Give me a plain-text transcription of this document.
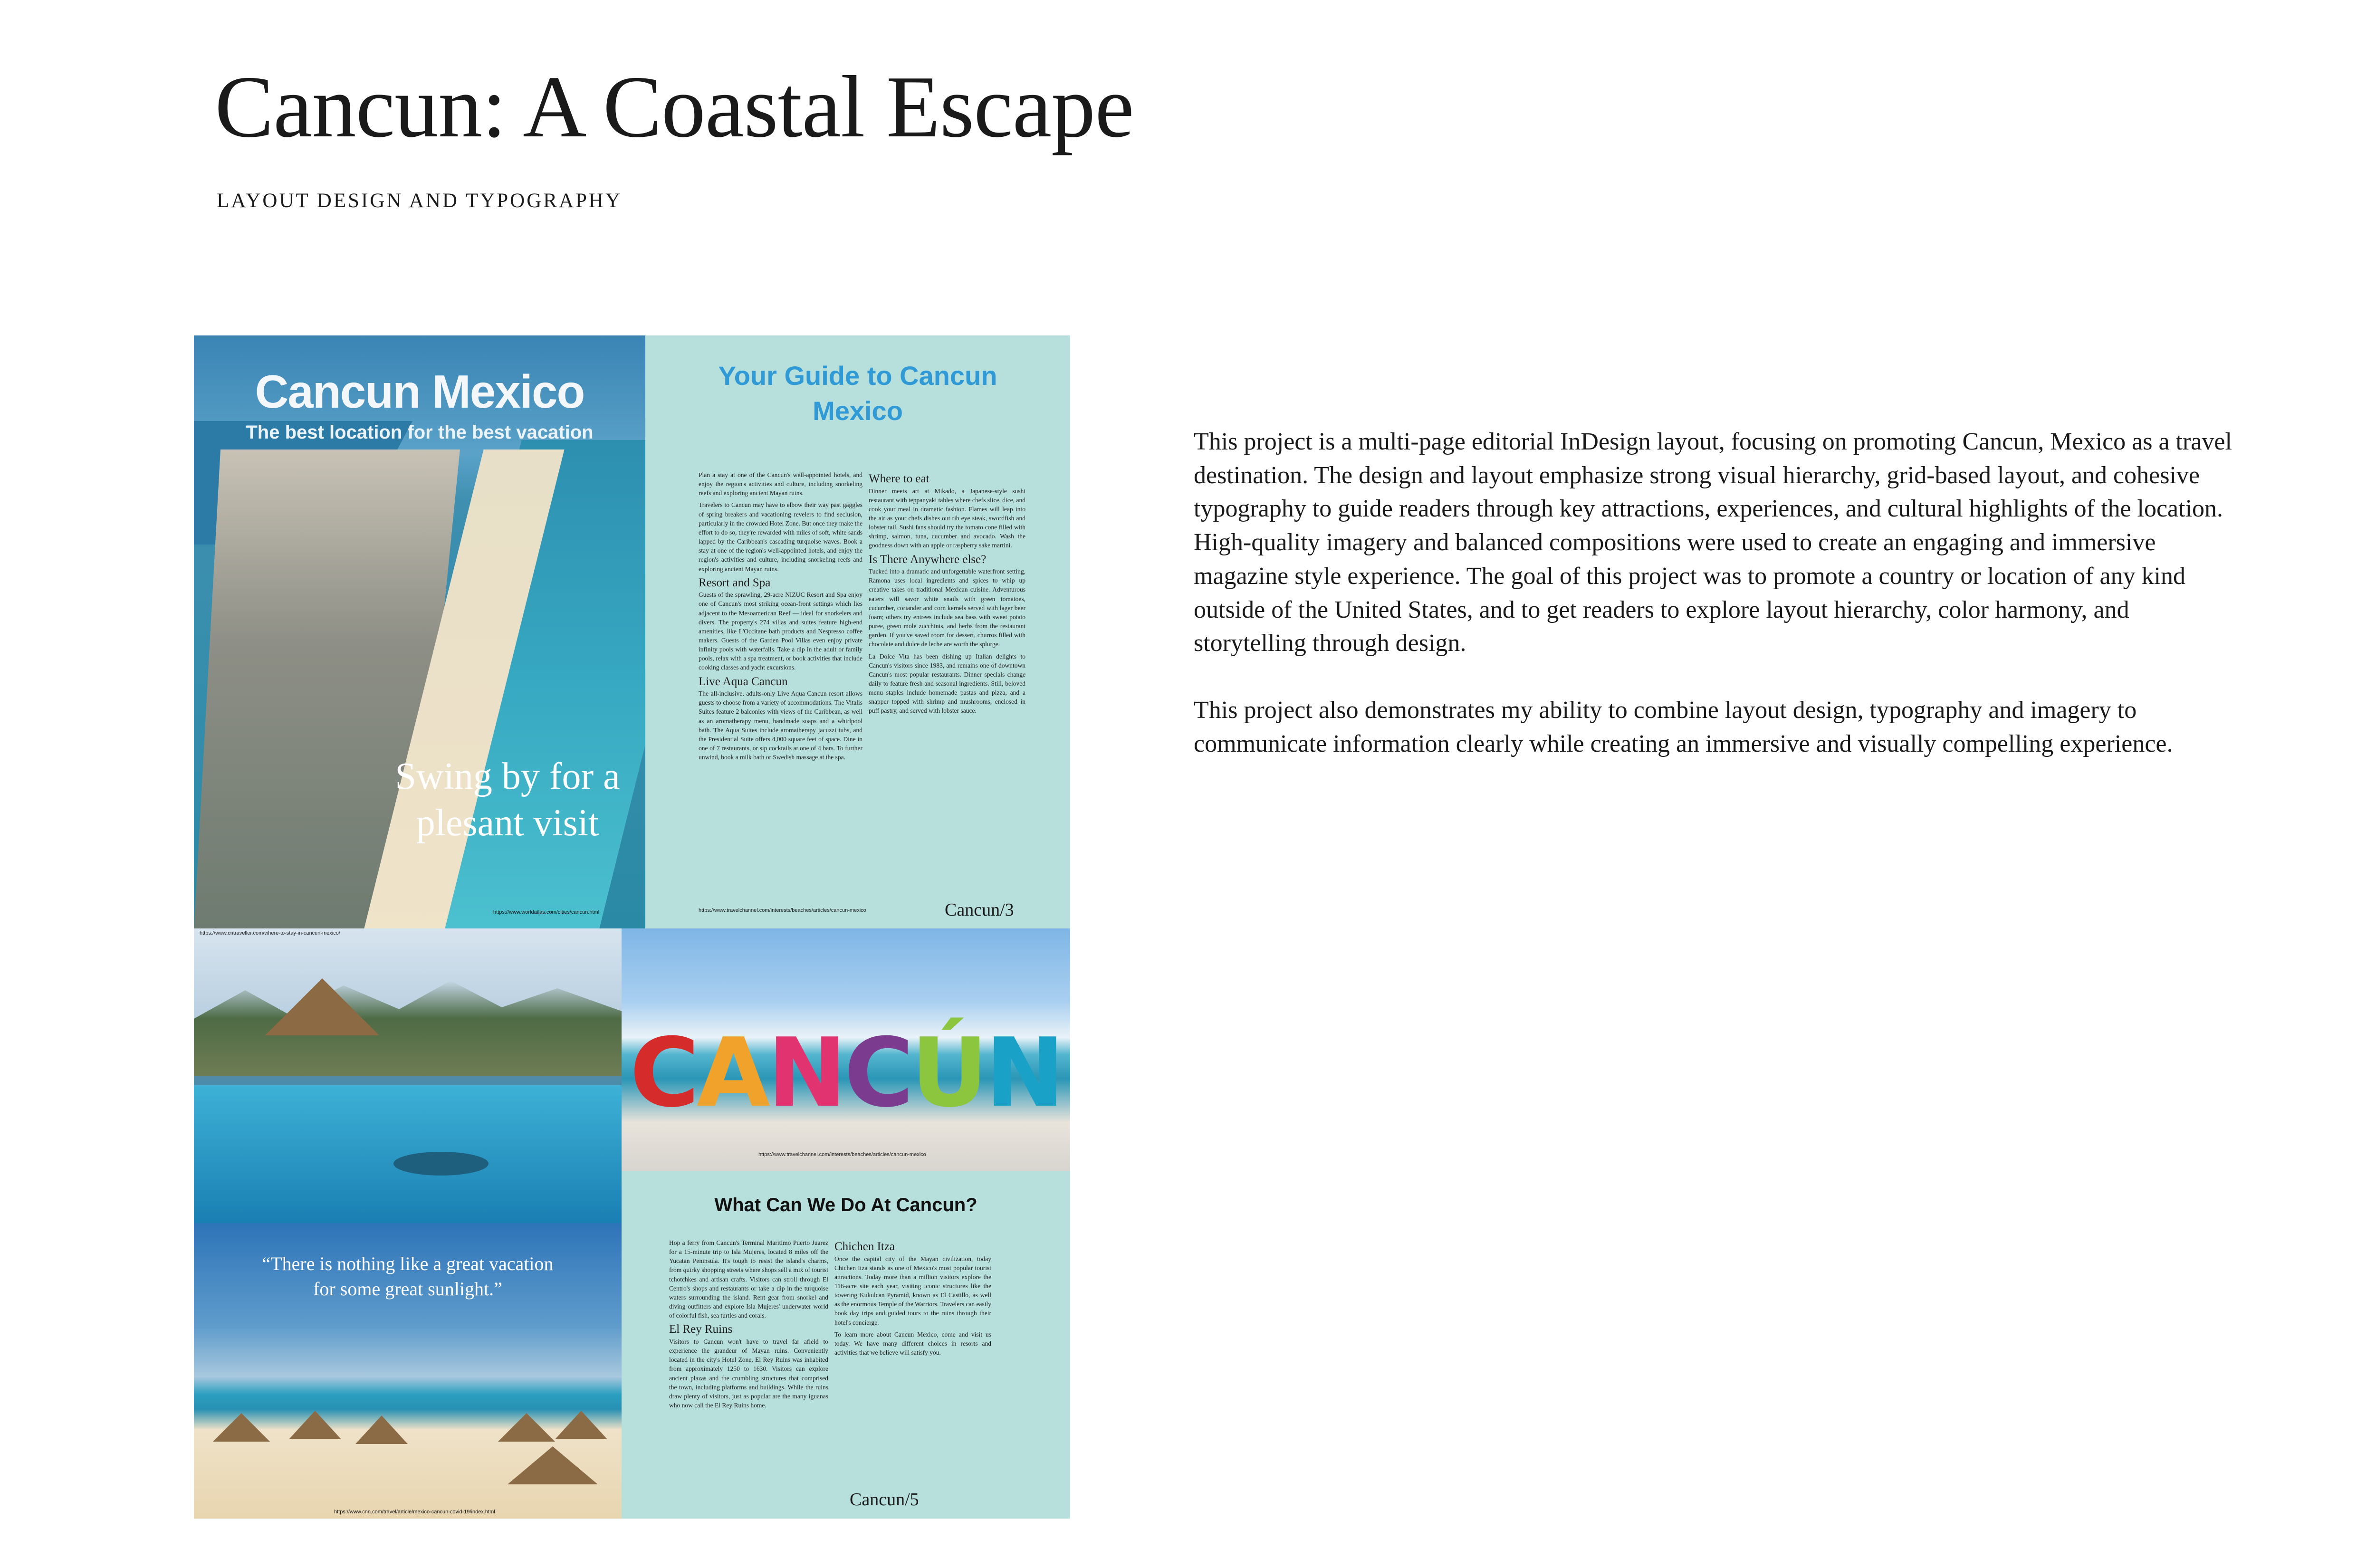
Cancun: A Coastal Escape
LAYOUT DESIGN AND TYPOGRAPHY
Cancun Mexico
The best location for the best vacation
Swing by for a
plesant visit
https://www.worldatlas.com/cities/cancun.html
Your Guide to Cancun
Mexico

Plan a stay at one of the Cancun's well-appointed hotels, and enjoy the region's activities and culture, including snorkeling reefs and exploring ancient Mayan ruins.

Travelers to Cancun may have to elbow their way past gaggles of spring breakers and vacationing revelers to find seclusion, particularly in the crowded Hotel Zone. But once they make the effort to do so, they're rewarded with miles of soft, white sands lapped by the Caribbean's cascading turquoise waves. Book a stay at one of the region's well-appointed hotels, and enjoy the region's activities and culture, including snorkeling reefs and exploring ancient Mayan ruins.

Resort and Spa

Guests of the sprawling, 29-acre NIZUC Resort and Spa enjoy one of Cancun's most striking ocean-front settings which lies adjacent to the Mesoamerican Reef — ideal for snorkelers and divers. The property's 274 villas and suites feature high-end amenities, like L'Occitane bath products and Nespresso coffee makers. Guests of the Garden Pool Villas even enjoy private infinity pools with waterfalls. Take a dip in the adult or family pools, relax with a spa treatment, or book activities that include cooking classes and yacht excursions.

Live Aqua Cancun

The all-inclusive, adults-only Live Aqua Cancun resort allows guests to choose from a variety of accommodations. The Vitalis Suites feature 2 balconies with views of the Caribbean, as well as an aromatherapy menu, handmade soaps and a whirlpool bath. The Aqua Suites include aromatherapy jacuzzi tubs, and the Presidential Suite offers 4,000 square feet of space. Dine in one of 7 restaurants, or sip cocktails at one of 4 bars. To further unwind, book a milk bath or Swedish massage at the spa.

Where to eat

Dinner meets art at Mikado, a Japanese-style sushi restaurant with teppanyaki tables where chefs slice, dice, and cook your meal in dramatic fashion. Flames will leap into the air as your chefs dishes out rib eye steak, swordfish and lobster tail. Sushi fans should try the tomato cone filled with shrimp, salmon, tuna, cucumber and avocado. Wash the goodness down with an apple or raspberry sake martini.

Is There Anywhere else?

Tucked into a dramatic and unforgettable waterfront setting, Ramona uses local ingredients and spices to whip up creative takes on traditional Mexican cuisine. Adventurous eaters will savor white snails with green tomatoes, cucumber, coriander and corn kernels served with lager beer foam; others try entrees include sea bass with sweet potato puree, green mole zucchinis, and herbs from the restaurant garden. If you've saved room for dessert, churros filled with chocolate and dulce de leche are worth the splurge.

La Dolce Vita has been dishing up Italian delights to Cancun's visitors since 1983, and remains one of downtown Cancun's most popular restaurants. Dinner specials change daily to feature fresh and seasonal ingredients. Still, beloved menu staples include homemade pastas and pizza, and a snapper topped with shrimp and mushrooms, enclosed in puff pastry, and served with lobster sauce.

https://www.travelchannel.com/interests/beaches/articles/cancun-mexico	Cancun/3
https://www.cntraveller.com/where-to-stay-in-cancun-mexico/
CANCÚN
https://www.travelchannel.com/interests/beaches/articles/cancun-mexico
“There is nothing like a great vacation
for some great sunlight.”
https://www.cnn.com/travel/article/mexico-cancun-covid-19/index.html
What Can We Do At Cancun?

Hop a ferry from Cancun's Terminal Maritimo Puerto Juarez for a 15-minute trip to Isla Mujeres, located 8 miles off the Yucatan Peninsula. It's tough to resist the island's charms, from quirky shopping streets where shops sell a mix of tourist tchotchkes and artisan crafts. Visitors can stroll through El Centro's shops and restaurants or take a dip in the turquoise waters surrounding the island. Rent gear from snorkel and diving outfitters and explore Isla Mujeres' underwater world of colorful fish, sea turtles and corals.

El Rey Ruins

Visitors to Cancun won't have to travel far afield to experience the grandeur of Mayan ruins. Conveniently located in the city's Hotel Zone, El Rey Ruins was inhabited from approximately 1250 to 1630. Visitors can explore ancient plazas and the crumbling structures that comprised the town, including platforms and buildings. While the ruins draw plenty of visitors, just as popular are the many iguanas who now call the El Rey Ruins home.

Chichen Itza

Once the capital city of the Mayan civilization, today Chichen Itza stands as one of Mexico's most popular tourist attractions. Today more than a million visitors explore the 116-acre site each year, visiting iconic structures like the towering Kukulcan Pyramid, known as El Castillo, as well as the enormous Temple of the Warriors. Travelers can easily book day trips and guided tours to the ruins through their hotel's concierge.

To learn more about Cancun Mexico, come and visit us today. We have many different choices in resorts and activities that we believe will satisfy you.

Cancun/5

This project is a multi-page editorial InDesign layout, focusing on promoting Cancun, Mexico as a travel destination. The design and layout emphasize strong visual hierarchy, grid-based layout, and cohesive typography to guide readers through key attractions, experiences, and cultural highlights of the location. High-quality imagery and balanced compositions were used to create an engaging and immersive magazine style experience. The goal of this project was to promote a country or location of any kind outside of the United States, and to get readers to explore layout hierarchy, color harmony, and storytelling through design.

This project also demonstrates my ability to combine layout design, typography and imagery to communicate information clearly while creating an immersive and visually compelling experience.
